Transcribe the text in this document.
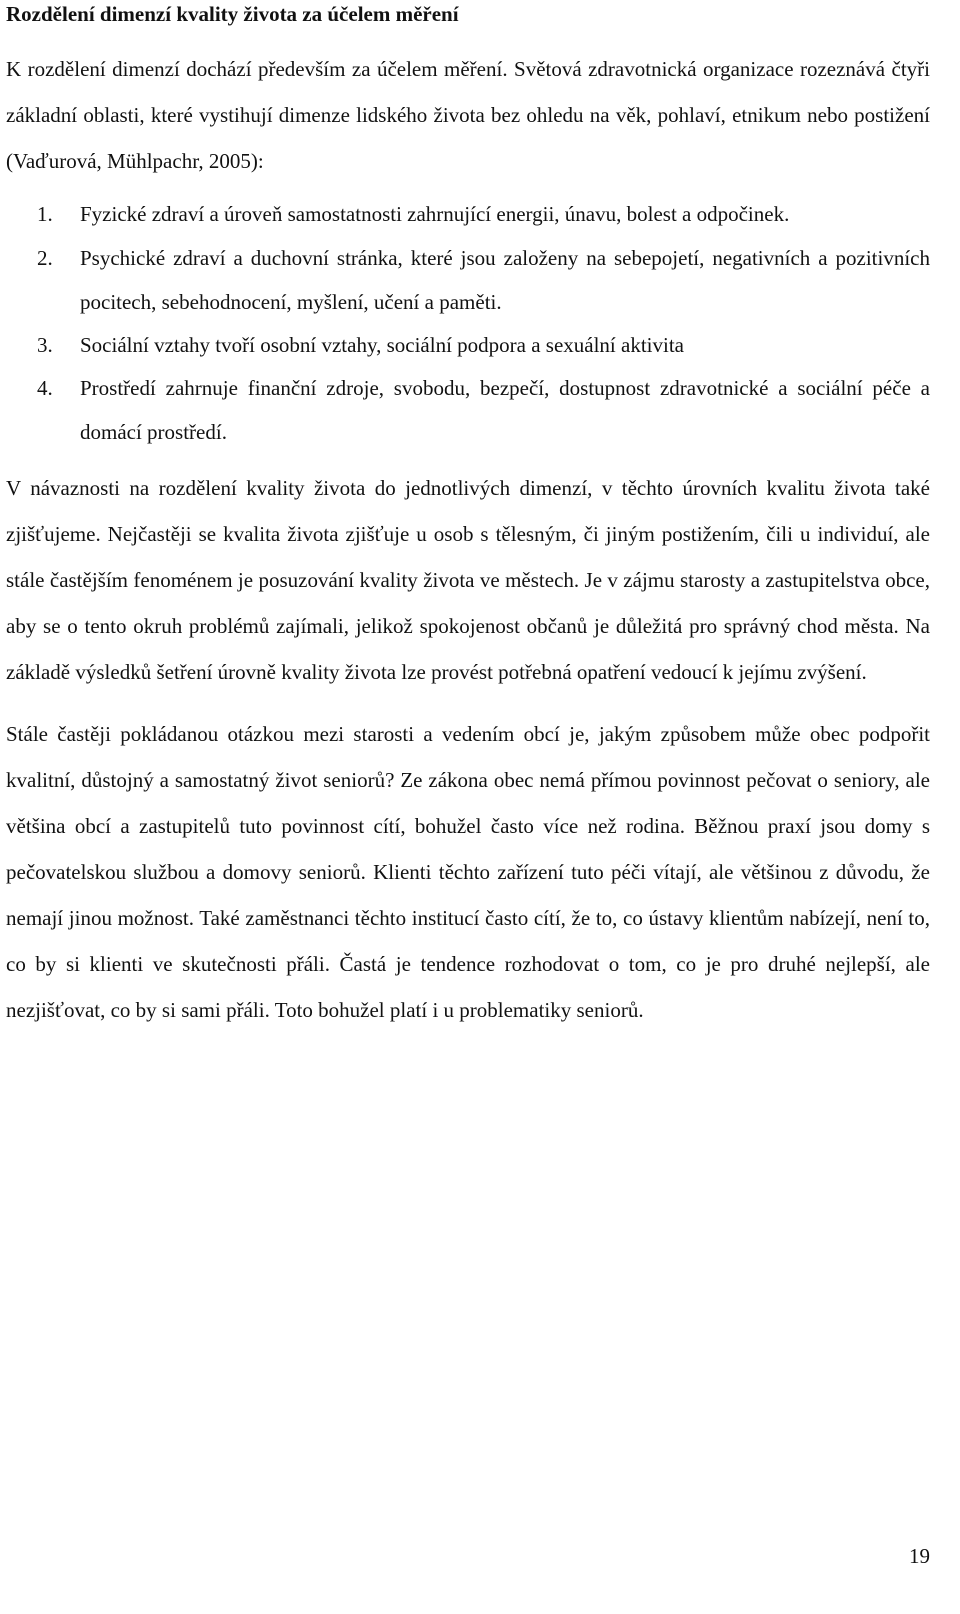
Rozdělení dimenzí kvality života za účelem měření

K rozdělení dimenzí dochází především za účelem měření. Světová zdravotnická organizace rozeznává čtyři základní oblasti, které vystihují dimenze lidského života bez ohledu na věk, pohlaví, etnikum nebo postižení (Vaďurová, Mühlpachr, 2005):

1. Fyzické zdraví a úroveň samostatnosti zahrnující energii, únavu, bolest a odpočinek.
2. Psychické zdraví a duchovní stránka, které jsou založeny na sebepojetí, negativních a pozitivních pocitech, sebehodnocení, myšlení, učení a paměti.
3. Sociální vztahy tvoří osobní vztahy, sociální podpora a sexuální aktivita
4. Prostředí zahrnuje finanční zdroje, svobodu, bezpečí, dostupnost zdravotnické a sociální péče a domácí prostředí.

V návaznosti na rozdělení kvality života do jednotlivých dimenzí, v těchto úrovních kvalitu života také zjišťujeme. Nejčastěji se kvalita života zjišťuje u osob s tělesným, či jiným postižením, čili u individuí, ale stále častějším fenoménem je posuzování kvality života ve městech. Je v zájmu starosty a zastupitelstva obce, aby se o tento okruh problémů zajímali, jelikož spokojenost občanů je důležitá pro správný chod města. Na základě výsledků šetření úrovně kvality života lze provést potřebná opatření vedoucí k jejímu zvýšení.

Stále častěji pokládanou otázkou mezi starosti a vedením obcí je, jakým způsobem může obec podpořit kvalitní, důstojný a samostatný život seniorů? Ze zákona obec nemá přímou povinnost pečovat o seniory, ale většina obcí a zastupitelů tuto povinnost cítí, bohužel často více než rodina. Běžnou praxí jsou domy s pečovatelskou službou a domovy seniorů. Klienti těchto zařízení tuto péči vítají, ale většinou z důvodu, že nemají jinou možnost. Také zaměstnanci těchto institucí často cítí, že to, co ústavy klientům nabízejí, není to, co by si klienti ve skutečnosti přáli. Častá je tendence rozhodovat o tom, co je pro druhé nejlepší, ale nezjišťovat, co by si sami přáli. Toto bohužel platí i u problematiky seniorů.

19
